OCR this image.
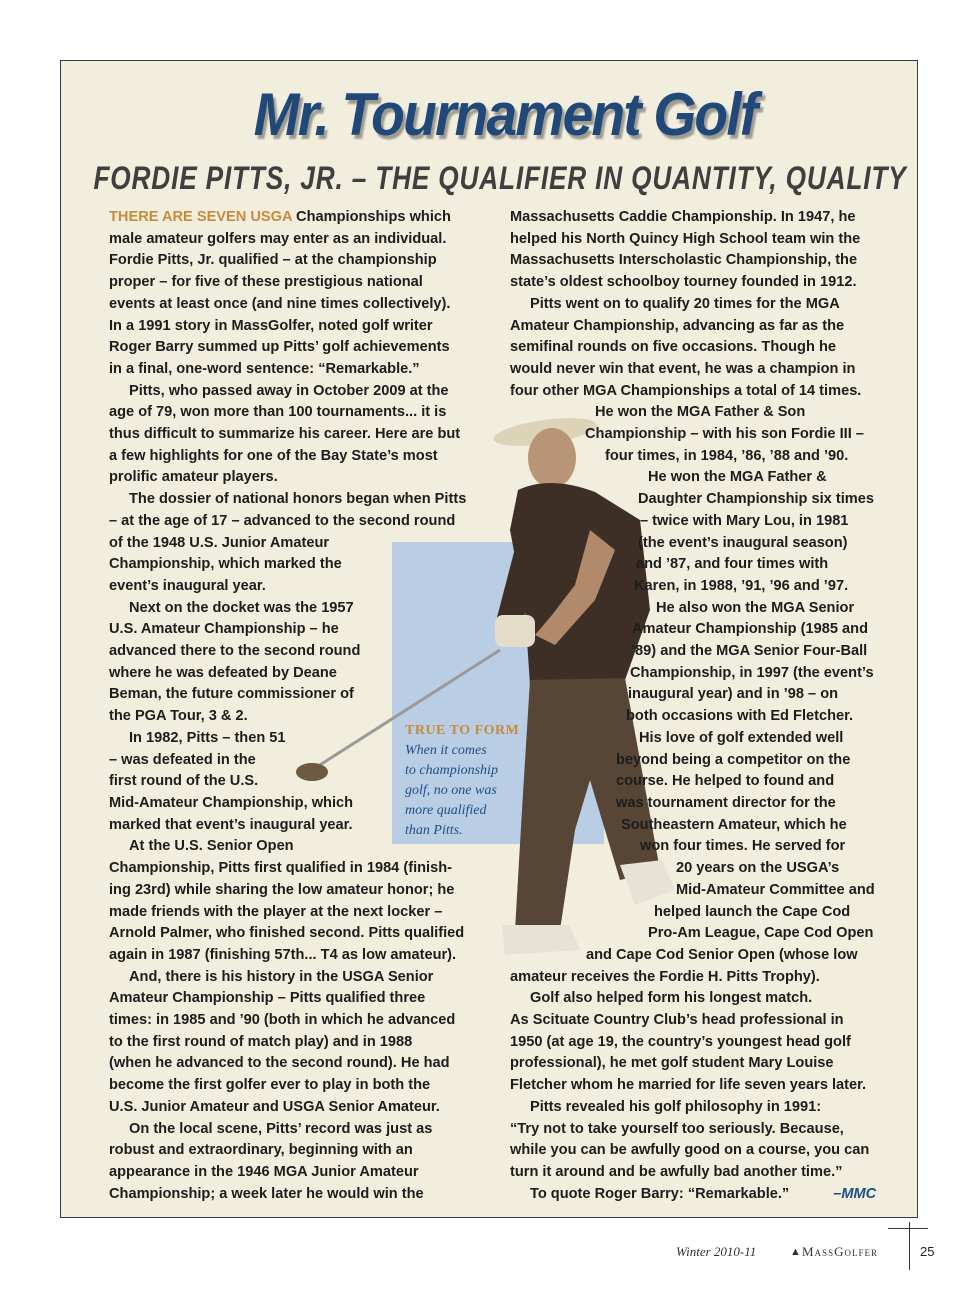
Mr. Tournament Golf
FORDIE PITTS, JR. – THE QUALIFIER IN QUANTITY, QUALITY
TRUE TO FORM
When it comes
to championship
golf, no one was
more qualified
than Pitts.
THERE ARE SEVEN USGA Championships which
male amateur golfers may enter as an individual.
Fordie Pitts, Jr. qualified – at the championship
proper – for five of these prestigious national
events at least once (and nine times collectively).
In a 1991 story in MassGolfer, noted golf writer
Roger Barry summed up Pitts’ golf achievements
in a final, one-word sentence: “Remarkable.”
Pitts, who passed away in October 2009 at the
age of 79, won more than 100 tournaments... it is
thus difficult to summarize his career. Here are but
a few highlights for one of the Bay State’s most
prolific amateur players.
The dossier of national honors began when Pitts
– at the age of 17 – advanced to the second round
of the 1948 U.S. Junior Amateur
Championship, which marked the
event’s inaugural year.
Next on the docket was the 1957
U.S. Amateur Championship – he
advanced there to the second round
where he was defeated by Deane
Beman, the future commissioner of
the PGA Tour, 3 & 2.
In 1982, Pitts – then 51
– was defeated in the
first round of the U.S.
Mid-Amateur Championship, which
marked that event’s inaugural year.
At the U.S. Senior Open
Championship, Pitts first qualified in 1984 (finish-
ing 23rd) while sharing the low amateur honor; he
made friends with the player at the next locker –
Arnold Palmer, who finished second. Pitts qualified
again in 1987 (finishing 57th... T4 as low amateur).
And, there is his history in the USGA Senior
Amateur Championship – Pitts qualified three
times: in 1985 and ’90 (both in which he advanced
to the first round of match play) and in 1988
(when he advanced to the second round). He had
become the first golfer ever to play in both the
U.S. Junior Amateur and USGA Senior Amateur.
On the local scene, Pitts’ record was just as
robust and extraordinary, beginning with an
appearance in the 1946 MGA Junior Amateur
Championship; a week later he would win the
Massachusetts Caddie Championship. In 1947, he
helped his North Quincy High School team win the
Massachusetts Interscholastic Championship, the
state’s oldest schoolboy tourney founded in 1912.
Pitts went on to qualify 20 times for the MGA
Amateur Championship, advancing as far as the
semifinal rounds on five occasions. Though he
would never win that event, he was a champion in
four other MGA Championships a total of 14 times.
He won the MGA Father & Son
Championship – with his son Fordie III –
four times, in 1984, ’86, ’88 and ’90.
He won the MGA Father &
Daughter Championship six times
– twice with Mary Lou, in 1981
(the event’s inaugural season)
and ’87, and four times with
Karen, in 1988, ’91, ’96 and ’97.
He also won the MGA Senior
Amateur Championship (1985 and
’89) and the MGA Senior Four-Ball
Championship, in 1997 (the event’s
inaugural year) and in ’98 – on
both occasions with Ed Fletcher.
His love of golf extended well
beyond being a competitor on the
course. He helped to found and
was tournament director for the
Southeastern Amateur, which he
won four times. He served for
20 years on the USGA’s
Mid-Amateur Committee and
helped launch the Cape Cod
Pro-Am League, Cape Cod Open
and Cape Cod Senior Open (whose low
amateur receives the Fordie H. Pitts Trophy).
Golf also helped form his longest match.
As Scituate Country Club’s head professional in
1950 (at age 19, the country’s youngest head golf
professional), he met golf student Mary Louise
Fletcher whom he married for life seven years later.
Pitts revealed his golf philosophy in 1991:
“Try not to take yourself too seriously. Because,
while you can be awfully good on a course, you can
turn it around and be awfully bad another time.”
To quote Roger Barry: “Remarkable.”	–MMC
Winter 2010-11	▲ MassGolfer	25
